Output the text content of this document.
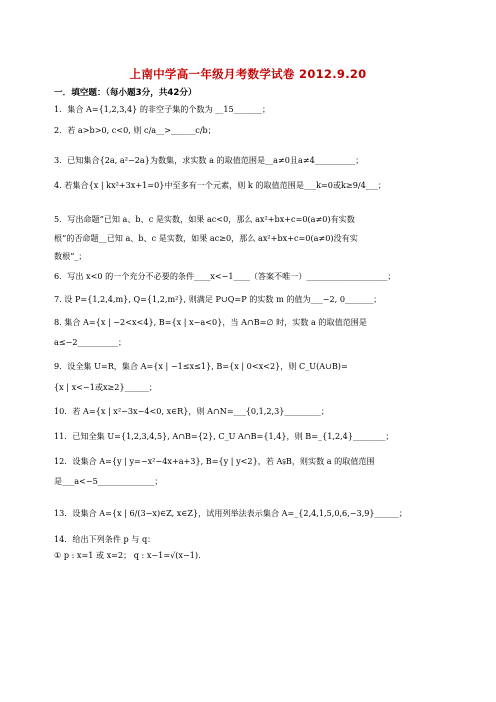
上南中学高一年级月考数学试卷 2012.9.20
一．填空题：（每小题3分，共42分）
1．集合 A={1,2,3,4} 的非空子集的个数为 __15_______；
2．若 a>b>0, c<0, 则 c/a__>______c/b；
3．已知集合{2a, a²−2a}为数集，求实数 a 的取值范围是__a≠0且a≠4__________；
4. 若集合{x | kx²+3x+1=0}中至多有一个元素，则 k 的取值范围是___k=0或k≥9/4___；
5．写出命题“已知 a、b、c 是实数，如果 ac<0，那么 ax²+bx+c=0(a≠0)有实数
根”的否命题__已知 a、b、c 是实数，如果 ac≥0，那么 ax²+bx+c=0(a≠0)没有实
数根”_；
6．写出 x<0 的一个充分不必要的条件____x<−1____（答案不唯一）____________________；
7. 设 P={1,2,4,m}, Q={1,2,m²}, 则满足 P∪Q=P 的实数 m 的值为___−2, 0_______；
8. 集合 A={x | −2<x<4}, B={x | x−a<0}，当 A∩B=∅ 时，实数 a 的取值范围是
a≤−2__________；
9．设全集 U=R，集合 A={x | −1≤x≤1}, B={x | 0<x<2}，则 C_U(A∪B)=
{x | x<−1或x≥2}______；
10．若 A={x | x²−3x−4<0, x∈R}，则 A∩N=___{0,1,2,3}_________；
11．已知全集 U={1,2,3,4,5}, A∩B={2}, C_U A∩B={1,4}，则 B=_{1,2,4}________；
12．设集合 A={y | y=−x²−4x+a+3}, B={y | y<2}，若 A⫋B，则实数 a 的取值范围
是___a<−5______________；
13．设集合 A={x | 6/(3−x)∈Z, x∈Z}，试用列举法表示集合 A=_{2,4,1,5,0,6,−3,9}______；
14．给出下列条件 p 与 q：
① p : x=1 或 x=2； q : x−1=√(x−1).
